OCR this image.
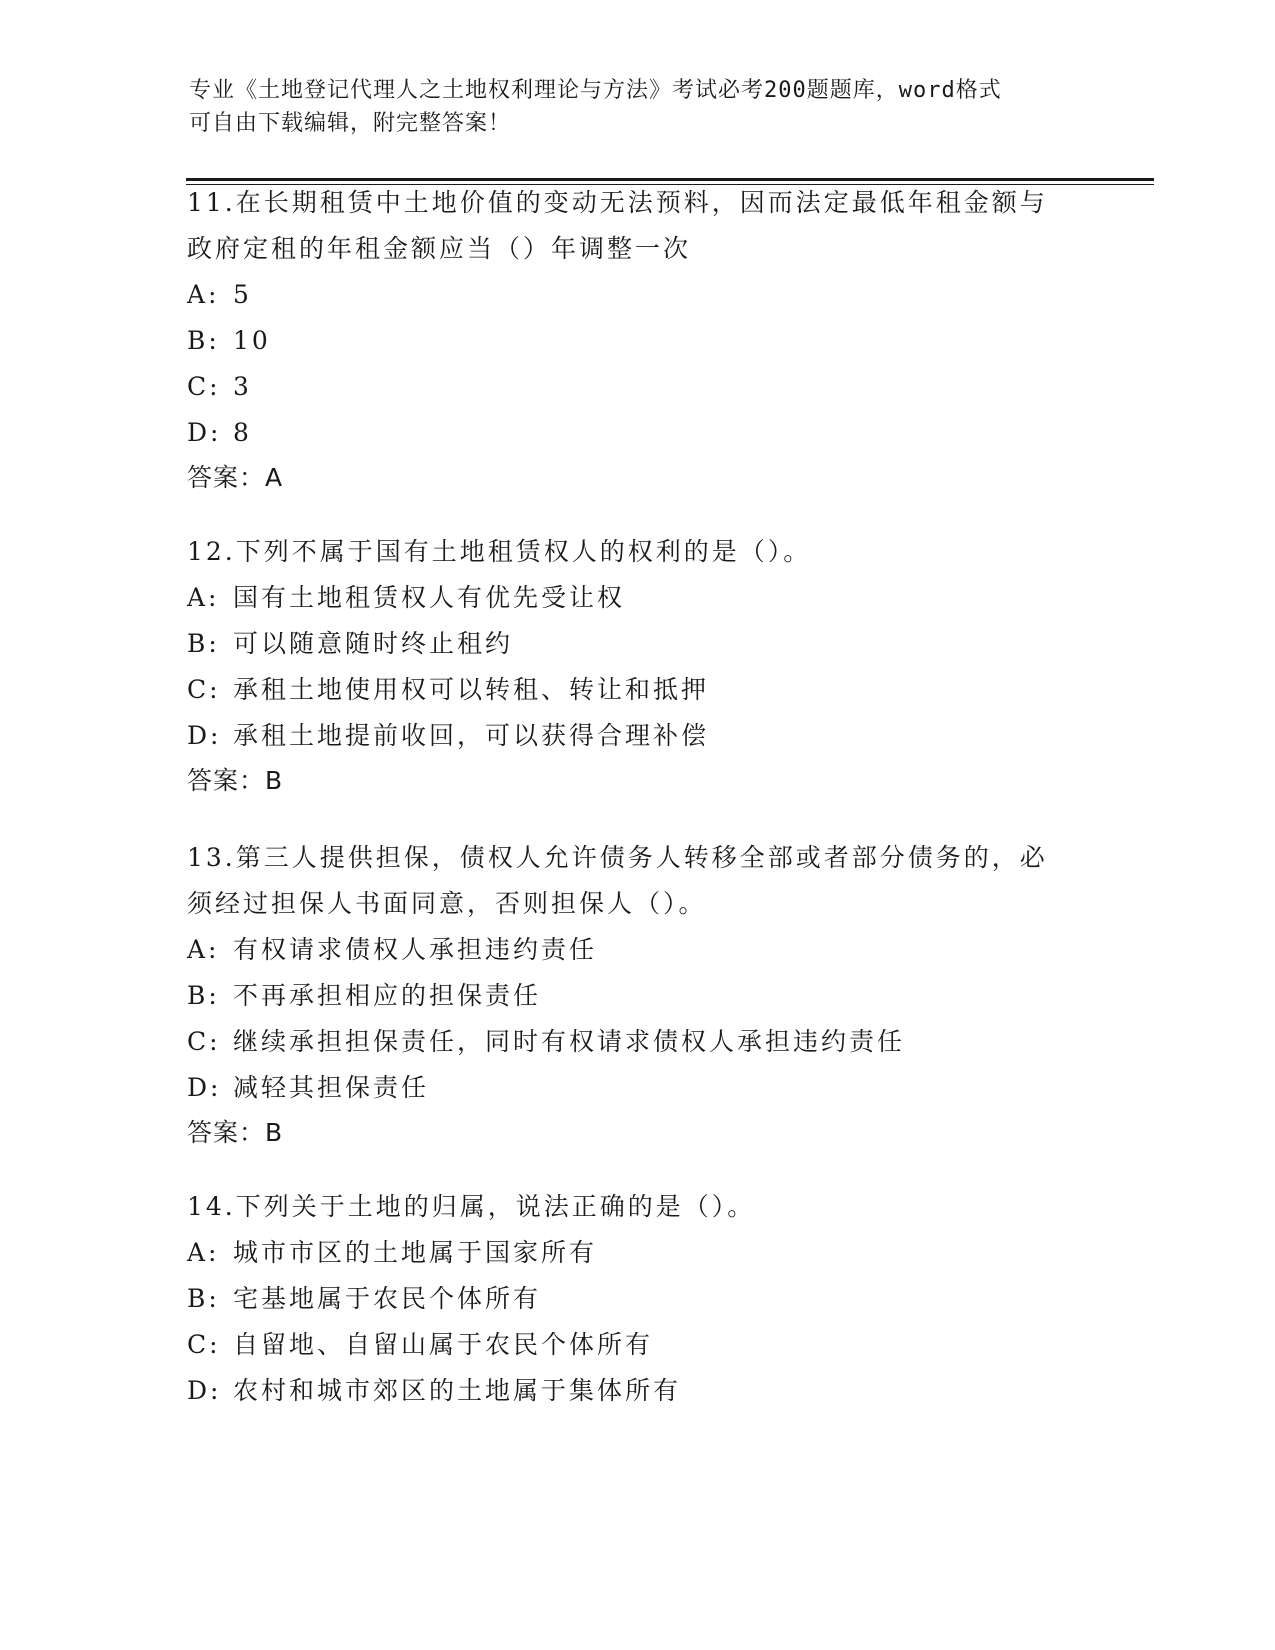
专业《土地登记代理人之土地权利理论与方法》考试必考200题题库，word格式
可自由下载编辑，附完整答案！
11.在长期租赁中土地价值的变动无法预料，因而法定最低年租金额与
政府定租的年租金额应当（）年调整一次

A: 5

B: 10

C: 3

D: 8

答案：A

12.下列不属于国有土地租赁权人的权利的是（）。

A: 国有土地租赁权人有优先受让权

B: 可以随意随时终止租约

C: 承租土地使用权可以转租、转让和抵押

D: 承租土地提前收回，可以获得合理补偿

答案：B

13.第三人提供担保，债权人允许债务人转移全部或者部分债务的，必
须经过担保人书面同意，否则担保人（）。

A: 有权请求债权人承担违约责任

B: 不再承担相应的担保责任

C: 继续承担担保责任，同时有权请求债权人承担违约责任

D: 减轻其担保责任

答案：B

14.下列关于土地的归属，说法正确的是（）。

A: 城市市区的土地属于国家所有

B: 宅基地属于农民个体所有

C: 自留地、自留山属于农民个体所有

D: 农村和城市郊区的土地属于集体所有
